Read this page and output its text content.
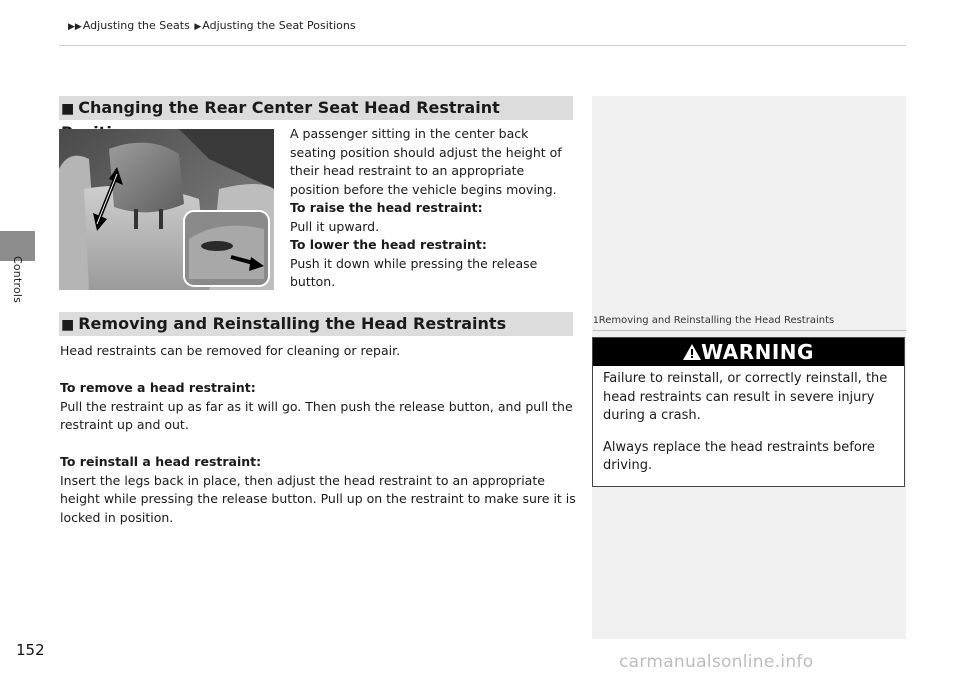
▶▶Adjusting the Seats ▶Adjusting the Seat Positions
Controls
■ Changing the Rear Center Seat Head Restraint
A passenger sitting in the center back seating position should adjust the height of their head restraint to an appropriate position before the vehicle begins moving.
To raise the head restraint:
Pull it upward.
To lower the head restraint:
Push it down while pressing the release button.
■ Removing and Reinstalling the Head Restraints
Head restraints can be removed for cleaning or repair.
To remove a head restraint:
Pull the restraint up as far as it will go. Then push the release button, and pull the restraint up and out.
To reinstall a head restraint:
Insert the legs back in place, then adjust the head restraint to an appropriate height while pressing the release button. Pull up on the restraint to make sure it is locked in position.
1Removing and Reinstalling the Head Restraints
WARNING
Failure to reinstall, or correctly reinstall, the head restraints can result in severe injury during a crash.
Always replace the head restraints before driving.
152
carmanualsonline.info
